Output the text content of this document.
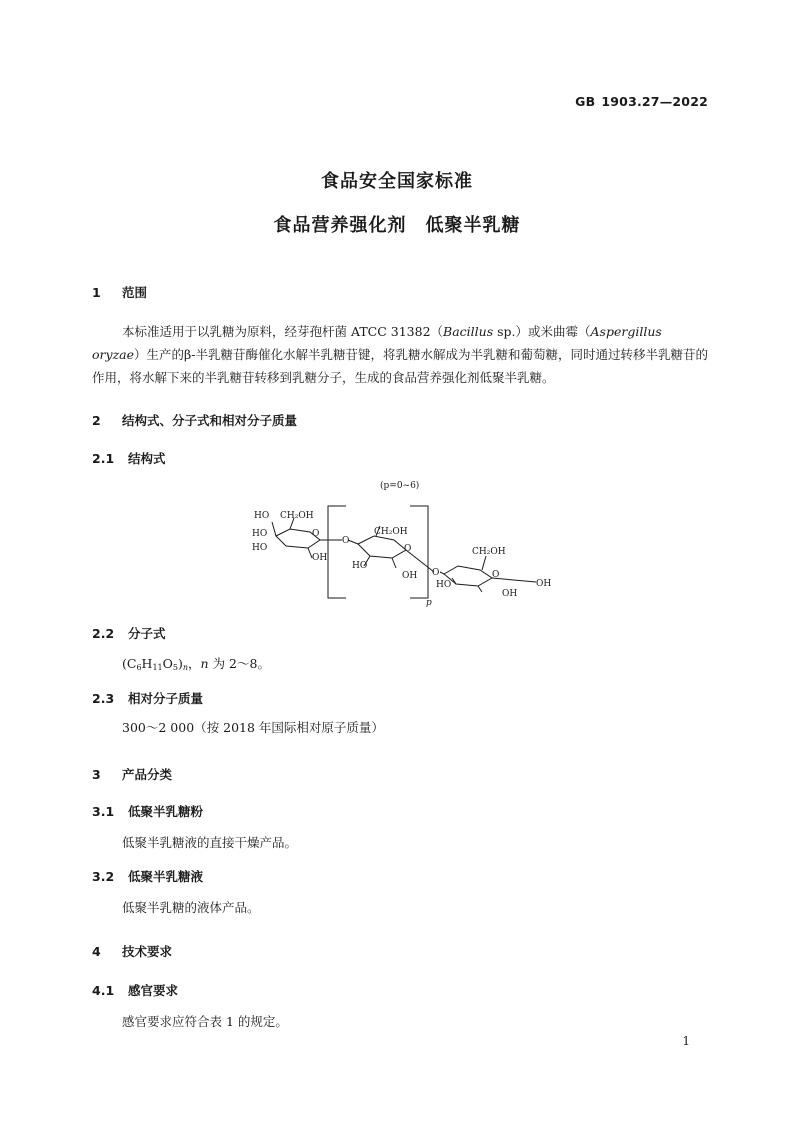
GB 1903.27—2022
食品安全国家标准
食品营养强化剂　低聚半乳糖
1 范围
本标准适用于以乳糖为原料，经芽孢杆菌 ATCC 31382（Bacillus sp.）或米曲霉（Aspergillus oryzae）生产的β-半乳糖苷酶催化水解半乳糖苷键，将乳糖水解成为半乳糖和葡萄糖，同时通过转移半乳糖苷的作用，将水解下来的半乳糖苷转移到乳糖分子，生成的食品营养强化剂低聚半乳糖。
2 结构式、分子式和相对分子质量
2.1 结构式
(p=0~6)
p
HO CH₂OH
O
HO
HO
OH
O
CH₂OH
O
HO
OH O
CH₂OH
O
HO
OH
OH
2.2 分子式
$(C_6H_{11}O_5)_n$，n 为 2～8。
2.3 相对分子质量
300～2 000（按 2018 年国际相对原子质量）
3 产品分类
3.1 低聚半乳糖粉
低聚半乳糖液的直接干燥产品。
3.2 低聚半乳糖液
低聚半乳糖的液体产品。
4 技术要求
4.1 感官要求
感官要求应符合表 1 的规定。
1
